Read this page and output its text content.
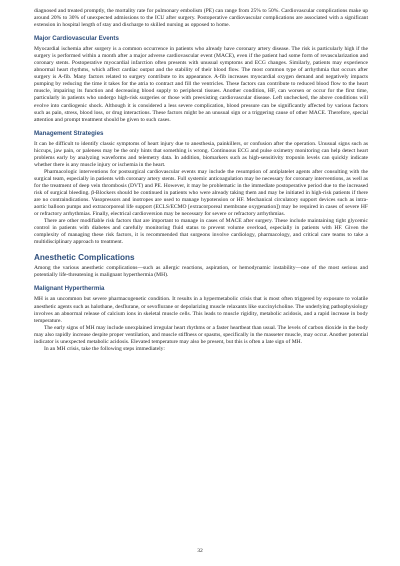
diagnosed and treated promptly, the mortality rate for pulmonary embolism (PE) can range from 25% to 50%. Cardiovascular complications make up around 20% to 30% of unexpected admissions to the ICU after surgery. Postoperative cardiovascular complications are associated with a significant extension in hospital length of stay and discharge to skilled nursing as opposed to home.

Major Cardiovascular Events

Myocardial ischemia after surgery is a common occurrence in patients who already have coronary artery disease. The risk is particularly high if the surgery is performed within a month after a major adverse cardiovascular event (MACE), even if the patient had some form of revascularization and coronary stents. Postoperative myocardial infarction often presents with unusual symptoms and ECG changes. Similarly, patients may experience abnormal heart rhythms, which affect cardiac output and the stability of their blood flow. The most common type of arrhythmia that occurs after surgery is A-fib. Many factors related to surgery contribute to its appearance. A-fib increases myocardial oxygen demand and negatively impacts pumping by reducing the time it takes for the atria to contract and fill the ventricles. These factors can contribute to reduced blood flow to the heart muscle, impairing its function and decreasing blood supply to peripheral tissues. Another condition, HF, can worsen or occur for the first time, particularly in patients who undergo high-risk surgeries or those with preexisting cardiovascular disease. Left unchecked, the above conditions will evolve into cardiogenic shock. Although it is considered a less severe complication, blood pressure can be significantly affected by various factors such as pain, stress, blood loss, or drug interactions. These factors might be an unusual sign or a triggering cause of other MACE. Therefore, special attention and prompt treatment should be given to such cases.

Management Strategies

It can be difficult to identify classic symptoms of heart injury due to anesthesia, painkillers, or confusion after the operation. Unusual signs such as hiccups, jaw pain, or paleness may be the only hints that something is wrong. Continuous ECG and pulse oximetry monitoring can help detect heart problems early by analyzing waveforms and telemetry data. In addition, biomarkers such as high-sensitivity troponin levels can quickly indicate whether there is any muscle injury or ischemia in the heart.

Pharmacologic interventions for postsurgical cardiovascular events may include the resumption of antiplatelet agents after consulting with the surgical team, especially in patients with coronary artery stents. Full systemic anticoagulation may be necessary for coronary interventions, as well as for the treatment of deep vein thrombosis (DVT) and PE. However, it may be problematic in the immediate postoperative period due to the increased risk of surgical bleeding. β-Blockers should be continued in patients who were already taking them and may be initiated in high-risk patients if there are no contraindications. Vasopressors and inotropes are used to manage hypotension or HF. Mechanical circulatory support devices such as intra-aortic balloon pumps and extracorporeal life support (ECLS/ECMO [extracorporeal membrane oxygenation]) may be required in cases of severe HF or refractory arrhythmias. Finally, electrical cardioversion may be necessary for severe or refractory arrhythmias.

There are other modifiable risk factors that are important to manage in cases of MACE after surgery. These include maintaining tight glycemic control in patients with diabetes and carefully monitoring fluid status to prevent volume overload, especially in patients with HF. Given the complexity of managing these risk factors, it is recommended that surgeons involve cardiology, pharmacology, and critical care teams to take a multidisciplinary approach to treatment.

Anesthetic Complications

Among the various anesthetic complications—such as allergic reactions, aspiration, or hemodynamic instability—one of the most serious and potentially life-threatening is malignant hyperthermia (MH).

Malignant Hyperthermia

MH is an uncommon but severe pharmacogenetic condition. It results in a hypermetabolic crisis that is most often triggered by exposure to volatile anesthetic agents such as halothane, desflurane, or sevoflurane or depolarizing muscle relaxants like succinylcholine. The underlying pathophysiology involves an abnormal release of calcium ions in skeletal muscle cells. This leads to muscle rigidity, metabolic acidosis, and a rapid increase in body temperature.

The early signs of MH may include unexplained irregular heart rhythms or a faster heartbeat than usual. The levels of carbon dioxide in the body may also rapidly increase despite proper ventilation, and muscle stiffness or spasms, specifically in the masseter muscle, may occur. Another potential indicator is unexpected metabolic acidosis. Elevated temperature may also be present, but this is often a late sign of MH.

In an MH crisis, take the following steps immediately:

32
